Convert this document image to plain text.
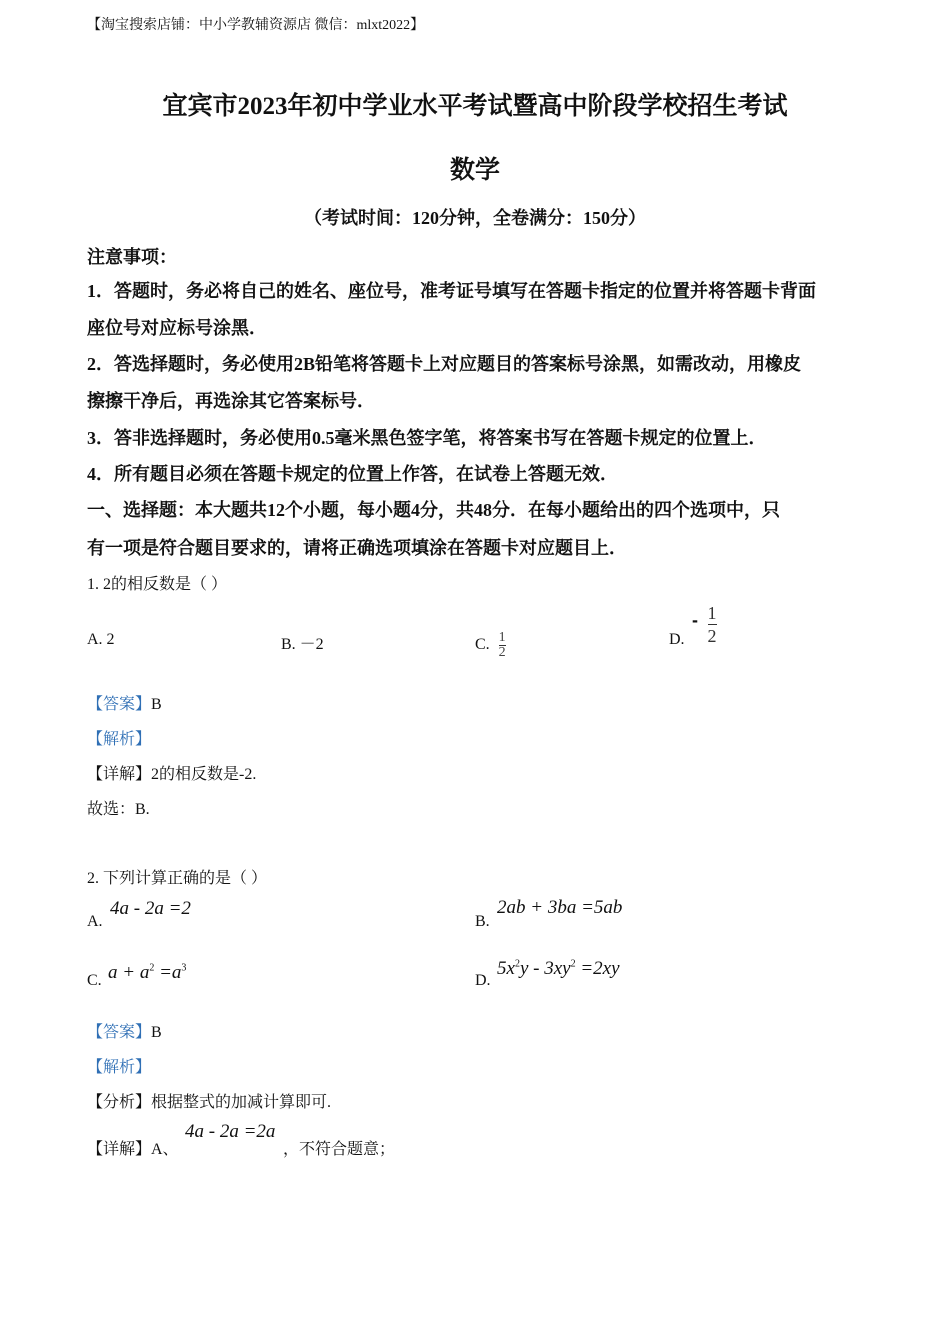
【淘宝搜索店铺：中小学教辅资源店 微信：mlxt2022】
宜宾市2023年初中学业水平考试暨高中阶段学校招生考试
数学
（考试时间：120分钟，全卷满分：150分）
注意事项：
1．答题时，务必将自己的姓名、座位号，准考证号填写在答题卡指定的位置并将答题卡背面
座位号对应标号涂黑．
2．答选择题时，务必使用2B铅笔将答题卡上对应题目的答案标号涂黑，如需改动，用橡皮
擦擦干净后，再选涂其它答案标号．
3．答非选择题时，务必使用0.5毫米黑色签字笔，将答案书写在答题卡规定的位置上．
4．所有题目必须在答题卡规定的位置上作答，在试卷上答题无效．
一、选择题：本大题共12个小题，每小题4分，共48分．在每小题给出的四个选项中，只
有一项是符合题目要求的，请将正确选项填涂在答题卡对应题目上．
1. 2的相反数是（ ）
A. 2	B. －2	C. $\frac{1}{2}$	D.
- $\frac{1}{2}$
【答案】B
【解析】
【详解】2的相反数是-2.
故选：B.
2. 下列计算正确的是（ ）
A.
4a - 2a =2
B.
2ab + 3ba =5ab
C. $a + a^2 =a^3$
D.
$5x^2y - 3xy^2 =2xy$
【答案】B
【解析】
【分析】根据整式的加减计算即可.
【详解】A、
4a - 2a =2a
，不符合题意；
